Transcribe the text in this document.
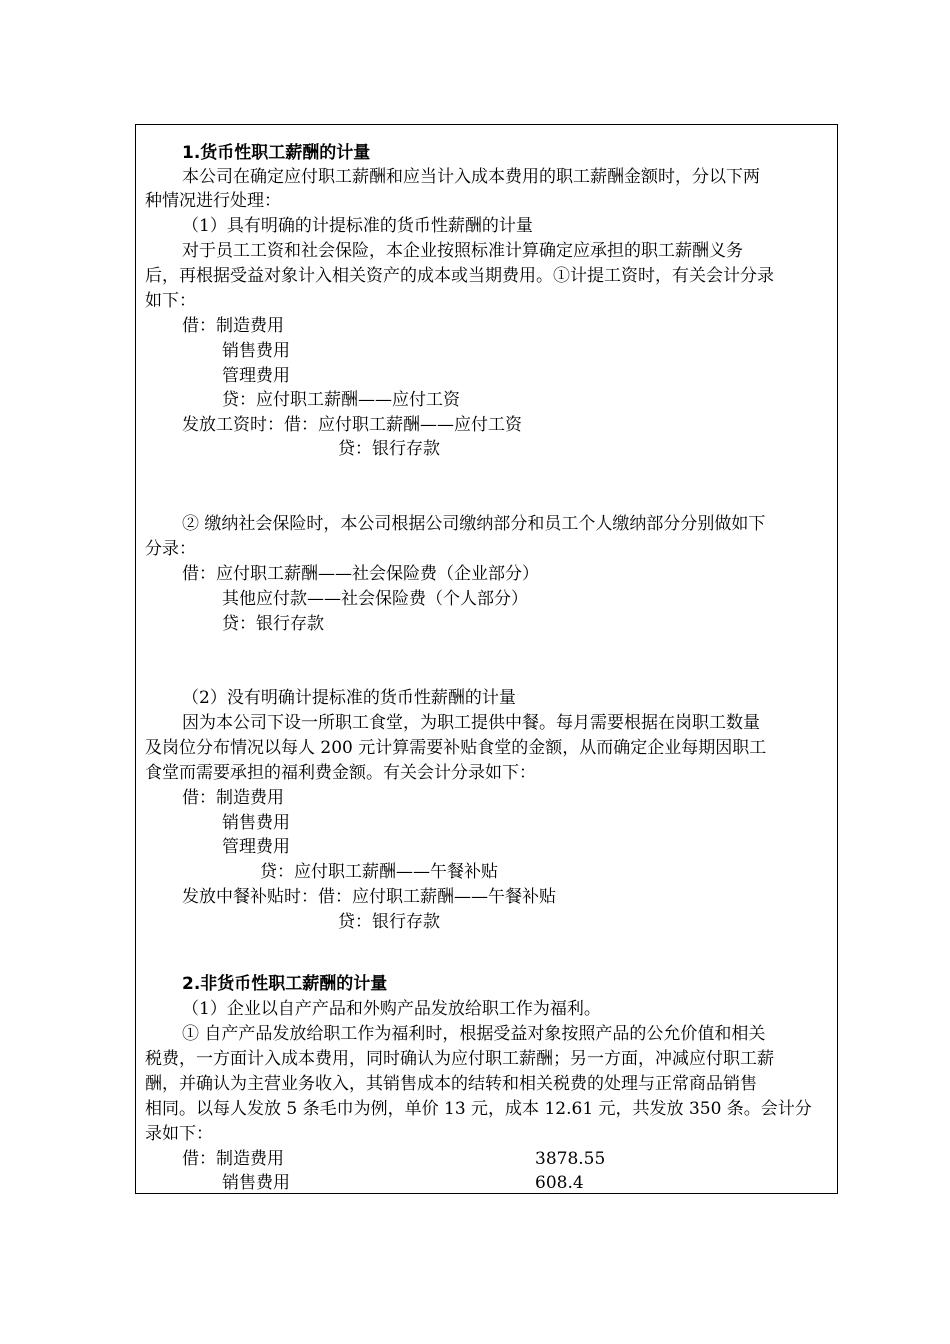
1.货币性职工薪酬的计量
本公司在确定应付职工薪酬和应当计入成本费用的职工薪酬金额时，分以下两
种情况进行处理：
（1）具有明确的计提标准的货币性薪酬的计量
对于员工工资和社会保险，本企业按照标准计算确定应承担的职工薪酬义务
后，再根据受益对象计入相关资产的成本或当期费用。①计提工资时，有关会计分录
如下：
借：制造费用
销售费用
管理费用
贷：应付职工薪酬——应付工资
发放工资时：借：应付职工薪酬——应付工资
贷：银行存款
② 缴纳社会保险时，本公司根据公司缴纳部分和员工个人缴纳部分分别做如下
分录：
借：应付职工薪酬——社会保险费（企业部分）
其他应付款——社会保险费（个人部分）
贷：银行存款
（2）没有明确计提标准的货币性薪酬的计量
因为本公司下设一所职工食堂，为职工提供中餐。每月需要根据在岗职工数量
及岗位分布情况以每人 200 元计算需要补贴食堂的金额，从而确定企业每期因职工
食堂而需要承担的福利费金额。有关会计分录如下：
借：制造费用
销售费用
管理费用
贷：应付职工薪酬——午餐补贴
发放中餐补贴时：借：应付职工薪酬——午餐补贴
贷：银行存款
2.非货币性职工薪酬的计量
（1）企业以自产产品和外购产品发放给职工作为福利。
① 自产产品发放给职工作为福利时，根据受益对象按照产品的公允价值和相关
税费，一方面计入成本费用，同时确认为应付职工薪酬；另一方面，冲减应付职工薪
酬，并确认为主营业务收入，其销售成本的结转和相关税费的处理与正常商品销售
相同。以每人发放 5 条毛巾为例，单价 13 元，成本 12.61 元，共发放 350 条。会计分
录如下：
借：制造费用	3878.55
销售费用	608.4
